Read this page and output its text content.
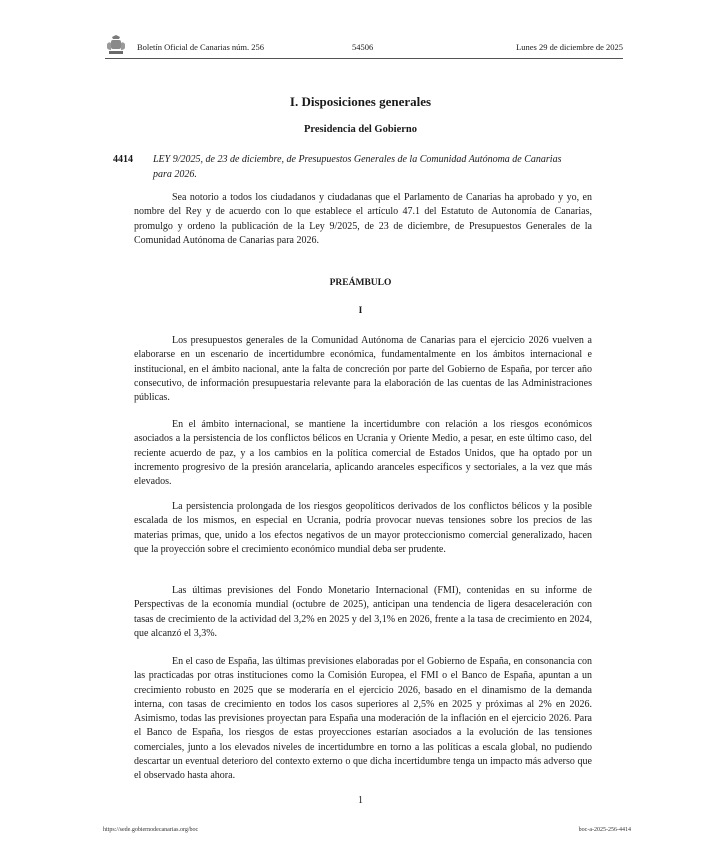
Boletín Oficial de Canarias núm. 256	54506	Lunes 29 de diciembre de 2025
I. Disposiciones generales
Presidencia del Gobierno
4414	LEY 9/2025, de 23 de diciembre, de Presupuestos Generales de la Comunidad Autónoma de Canarias para 2026.

Sea notorio a todos los ciudadanos y ciudadanas que el Parlamento de Canarias ha aprobado y yo, en nombre del Rey y de acuerdo con lo que establece el artículo 47.1 del Estatuto de Autonomía de Canarias, promulgo y ordeno la publicación de la Ley 9/2025, de 23 de diciembre, de Presupuestos Generales de la Comunidad Autónoma de Canarias para 2026.

PREÁMBULO
I

Los presupuestos generales de la Comunidad Autónoma de Canarias para el ejercicio 2026 vuelven a elaborarse en un escenario de incertidumbre económica, fundamentalmente en los ámbitos internacional e institucional, en el ámbito nacional, ante la falta de concreción por parte del Gobierno de España, por tercer año consecutivo, de información presupuestaria relevante para la elaboración de las cuentas de las Administraciones públicas.

En el ámbito internacional, se mantiene la incertidumbre con relación a los riesgos económicos asociados a la persistencia de los conflictos bélicos en Ucrania y Oriente Medio, a pesar, en este último caso, del reciente acuerdo de paz, y a los cambios en la política comercial de Estados Unidos, que ha optado por un incremento progresivo de la presión arancelaria, aplicando aranceles específicos y sectoriales, a la vez que más elevados.

La persistencia prolongada de los riesgos geopolíticos derivados de los conflictos bélicos y la posible escalada de los mismos, en especial en Ucrania, podría provocar nuevas tensiones sobre los precios de las materias primas, que, unido a los efectos negativos de un mayor proteccionismo comercial generalizado, hacen que la proyección sobre el crecimiento económico mundial deba ser prudente.

Las últimas previsiones del Fondo Monetario Internacional (FMI), contenidas en su informe de Perspectivas de la economía mundial (octubre de 2025), anticipan una tendencia de ligera desaceleración con tasas de crecimiento de la actividad del 3,2% en 2025 y del 3,1% en 2026, frente a la tasa de crecimiento en 2024, que alcanzó el 3,3%.

En el caso de España, las últimas previsiones elaboradas por el Gobierno de España, en consonancia con las practicadas por otras instituciones como la Comisión Europea, el FMI o el Banco de España, apuntan a un crecimiento robusto en 2025 que se moderaría en el ejercicio 2026, basado en el dinamismo de la demanda interna, con tasas de crecimiento en todos los casos superiores al 2,5% en 2025 y próximas al 2% en 2026. Asimismo, todas las previsiones proyectan para España una moderación de la inflación en el ejercicio 2026. Para el Banco de España, los riesgos de estas proyecciones estarían asociados a la evolución de las tensiones comerciales, junto a los elevados niveles de incertidumbre en torno a las políticas a escala global, no pudiendo descartar un eventual deterioro del contexto externo o que dicha incertidumbre tenga un impacto más adverso que el observado hasta ahora.

1
https://sede.gobiernodecanarias.org/boc	boc-a-2025-256-4414
